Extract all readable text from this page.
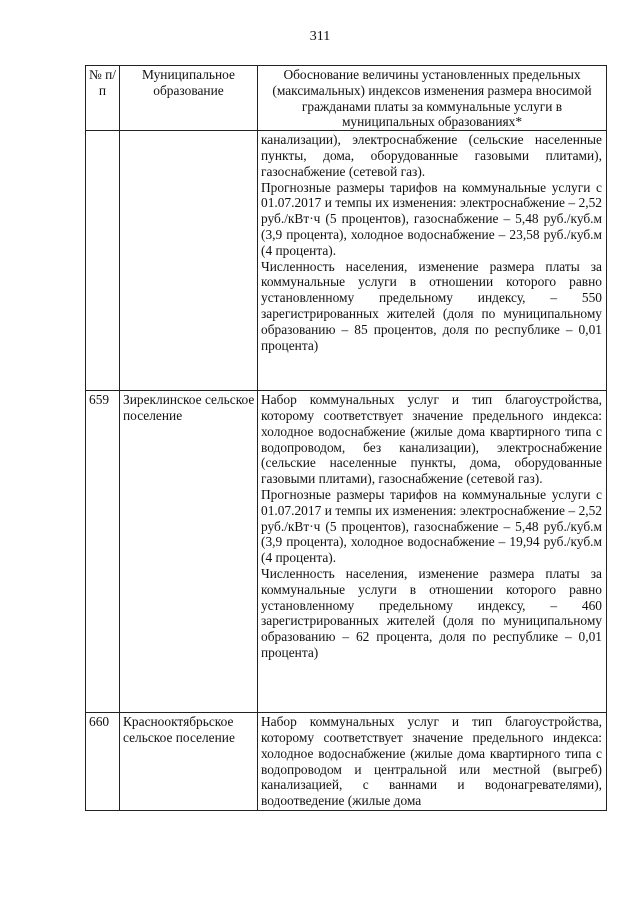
311
№ п/п	Муниципальное образование	Обоснование величины установленных предельных (максимальных) индексов изменения размера вносимой гражданами платы за коммунальные услуги в муниципальных образованиях*

		канализации), электроснабжение (сельские населенные пункты, дома, оборудованные газовыми плитами), газоснабжение (сетевой газ).

Прогнозные размеры тарифов на коммунальные услуги с 01.07.2017 и темпы их изменения: электроснабжение – 2,52 руб./кВт·ч (5 процентов), газоснабжение – 5,48 руб./куб.м (3,9 процента), холодное водоснабжение – 23,58 руб./куб.м (4 процента).

Численность населения, изменение размера платы за коммунальные услуги в отношении которого равно установленному предельному индексу, – 550 зарегистрированных жителей (доля по муниципальному образованию – 85 процентов, доля по республике – 0,01 процента)

659	Зиреклинское сельское поселение	Набор коммунальных услуг и тип благоустройства, которому соответствует значение предельного индекса: холодное водоснабжение (жилые дома квартирного типа с водопроводом, без канализации), электроснабжение (сельские населенные пункты, дома, оборудованные газовыми плитами), газоснабжение (сетевой газ).

Прогнозные размеры тарифов на коммунальные услуги с 01.07.2017 и темпы их изменения: электроснабжение – 2,52 руб./кВт·ч (5 процентов), газоснабжение – 5,48 руб./куб.м (3,9 процента), холодное водоснабжение – 19,94 руб./куб.м (4 процента).

Численность населения, изменение размера платы за коммунальные услуги в отношении которого равно установленному предельному индексу, – 460 зарегистрированных жителей (доля по муниципальному образованию – 62 процента, доля по республике – 0,01 процента)

660	Краснооктябрьское сельское поселение	Набор коммунальных услуг и тип благоустройства, которому соответствует значение предельного индекса: холодное водоснабжение (жилые дома квартирного типа с водопроводом и центральной или местной (выгреб) канализацией, с ваннами и водонагревателями), водоотведение (жилые дома
